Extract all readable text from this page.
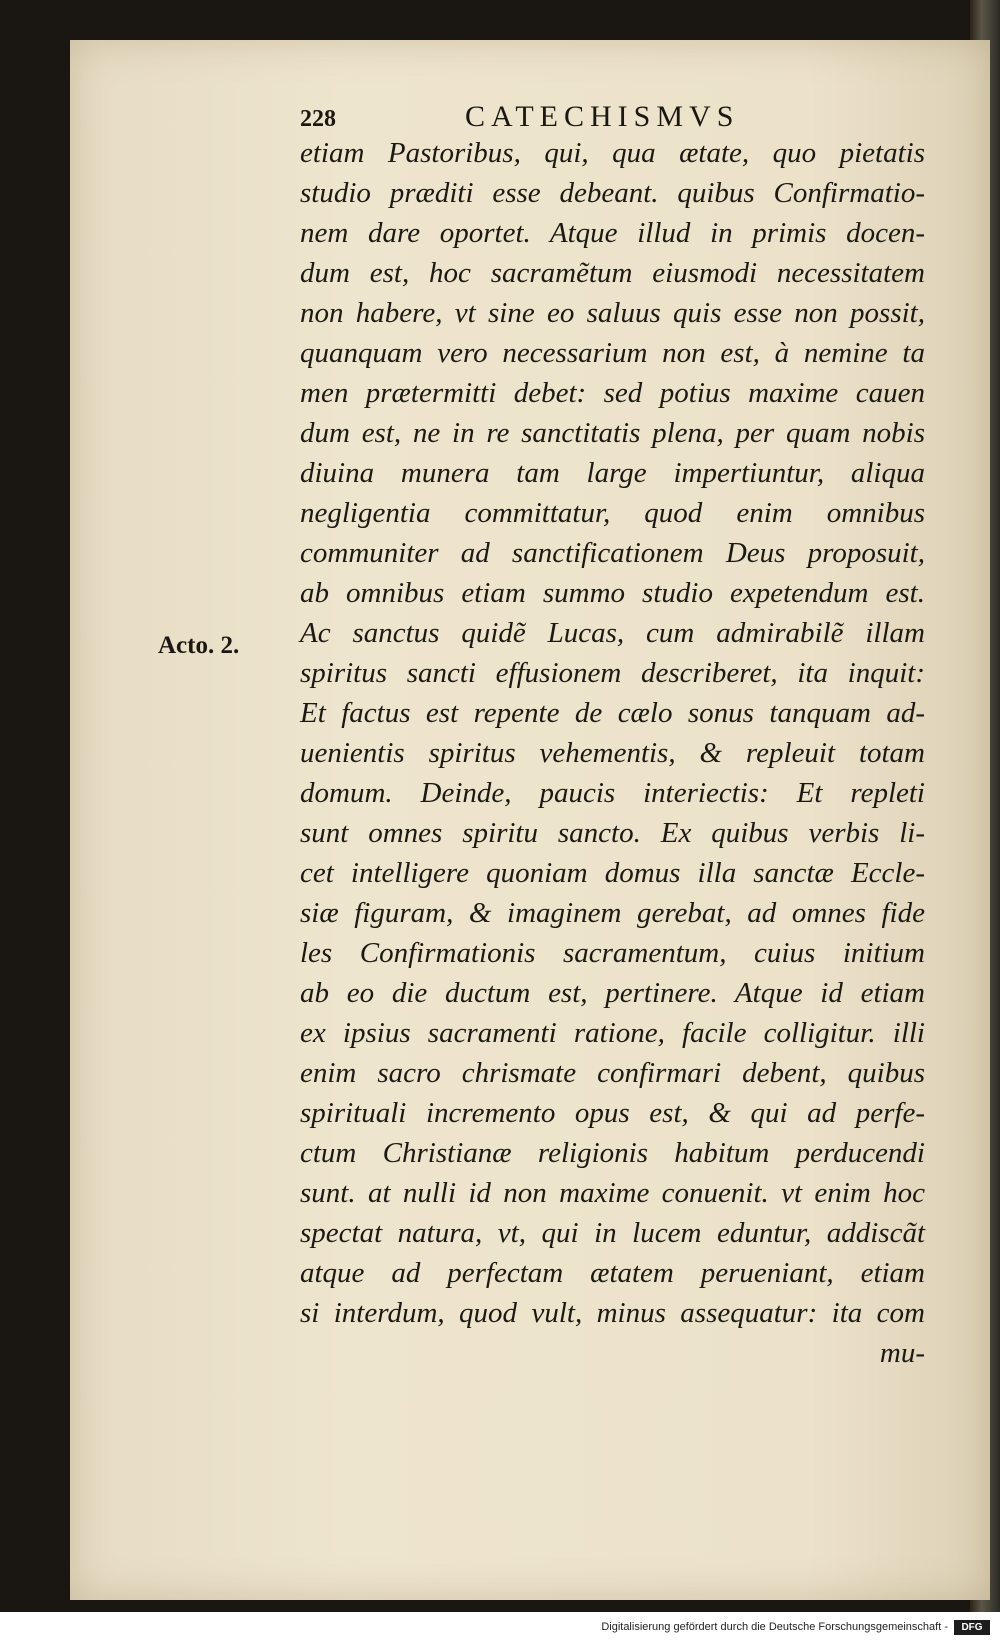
228	CATECHISMVS
Acto. 2.
etiam Pastoribus, qui, qua ætate, quo pietatis
studio præditi esse debeant. quibus Confirmatio-
nem dare oportet. Atque illud in primis docen-
dum est, hoc sacramẽtum eiusmodi necessitatem
non habere, vt sine eo saluus quis esse non possit,
quanquam vero necessarium non est, à nemine ta
men prætermitti debet: sed potius maxime cauen
dum est, ne in re sanctitatis plena, per quam nobis
diuina munera tam large impertiuntur, aliqua
negligentia committatur, quod enim omnibus
communiter ad sanctificationem Deus proposuit,
ab omnibus etiam summo studio expetendum est.
Ac sanctus quidẽ Lucas, cum admirabilẽ illam
spiritus sancti effusionem describeret, ita inquit:
Et factus est repente de cælo sonus tanquam ad-
uenientis spiritus vehementis, & repleuit totam
domum. Deinde, paucis interiectis: Et repleti
sunt omnes spiritu sancto. Ex quibus verbis li-
cet intelligere quoniam domus illa sanctæ Eccle-
siæ figuram, & imaginem gerebat, ad omnes fide
les Confirmationis sacramentum, cuius initium
ab eo die ductum est, pertinere. Atque id etiam
ex ipsius sacramenti ratione, facile colligitur. illi
enim sacro chrismate confirmari debent, quibus
spirituali incremento opus est, & qui ad perfe-
ctum Christianæ religionis habitum perducendi
sunt. at nulli id non maxime conuenit. vt enim hoc
spectat natura, vt, qui in lucem eduntur, addiscãt
atque ad perfectam ætatem perueniant, etiam
si interdum, quod vult, minus assequatur: ita com
mu-
Digitalisierung gefördert durch die Deutsche Forschungsgemeinschaft -	DFG
